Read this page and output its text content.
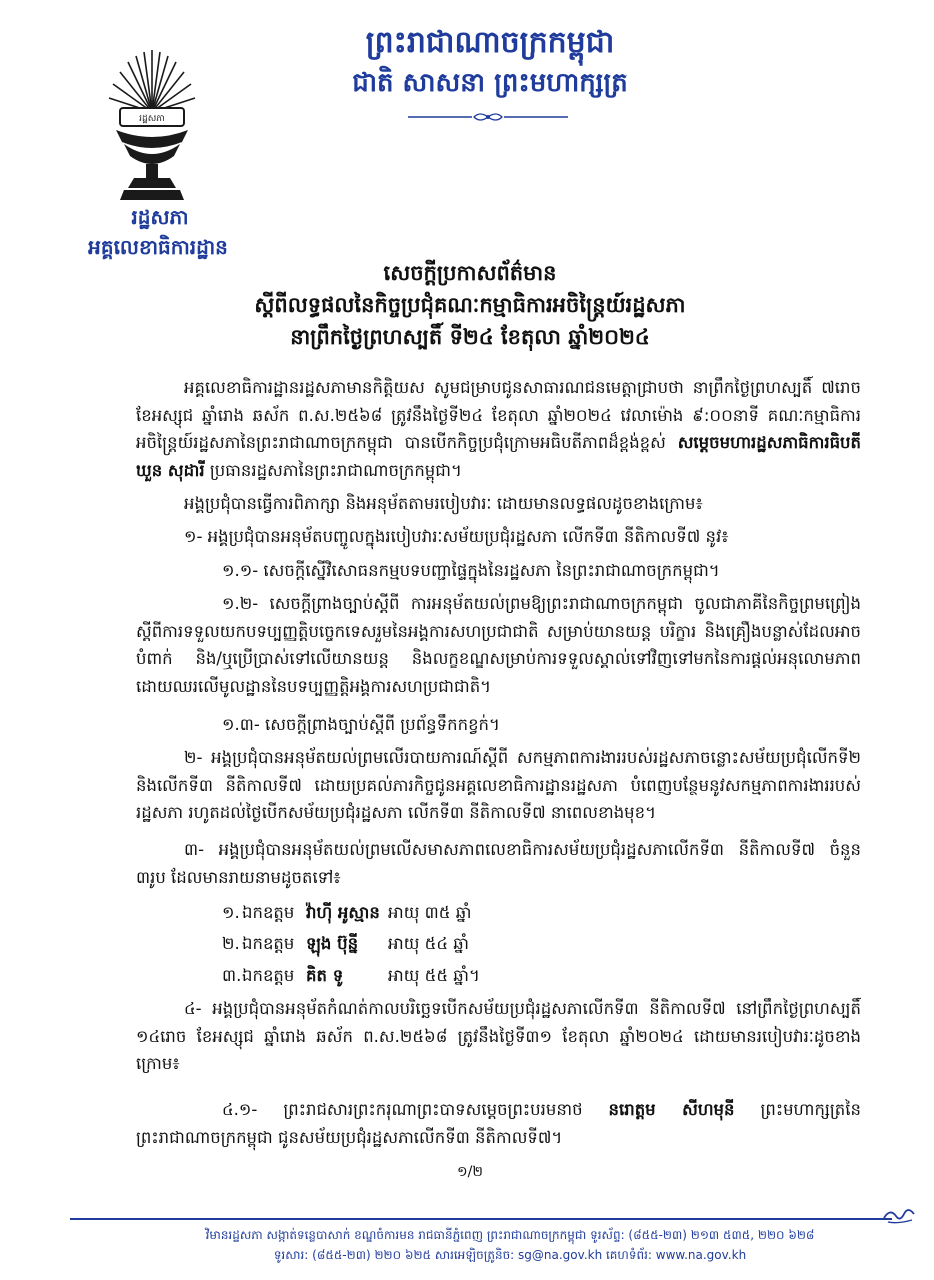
ព្រះរាជាណាចក្រកម្ពុជា
ជាតិ សាសនា ព្រះមហាក្សត្រ
រដ្ឋសភា
រដ្ឋសភា
អគ្គលេខាធិការដ្ឋាន
សេចក្តីប្រកាសព័ត៌មាន
ស្តីពីលទ្ធផលនៃកិច្ចប្រជុំគណៈកម្មាធិការអចិន្ត្រៃយ៍រដ្ឋសភា
នាព្រឹកថ្ងៃព្រហស្បតិ៍ ទី២៤ ខែតុលា ឆ្នាំ២០២៤
អគ្គលេខាធិការដ្ឋានរដ្ឋសភាមានកិត្តិយស សូមជម្រាបជូនសាធារណជនមេត្តាជ្រាបថា នាព្រឹកថ្ងៃព្រហស្បតិ៍ ៧រោច ខែអស្សុជ ឆ្នាំរោង ឆស័ក ព.ស.២៥៦៨ ត្រូវនឹងថ្ងៃទី២៤ ខែតុលា ឆ្នាំ២០២៤ វេលាម៉ោង ៩:០០នាទី គណៈកម្មាធិការអចិន្ត្រៃយ៍រដ្ឋសភានៃព្រះរាជាណាចក្រកម្ពុជា បានបើកកិច្ចប្រជុំក្រោមអធិបតីភាពដ៏ខ្ពង់ខ្ពស់ សម្តេចមហារដ្ឋសភាធិការធិបតី ឃួន សុដារី ប្រធានរដ្ឋសភានៃព្រះរាជាណាចក្រកម្ពុជា។
អង្គប្រជុំបានធ្វើការពិភាក្សា និងអនុម័តតាមរបៀបវារៈ ដោយមានលទ្ធផលដូចខាងក្រោម៖
១- អង្គប្រជុំបានអនុម័តបញ្ចូលក្នុងរបៀបវារៈសម័យប្រជុំរដ្ឋសភា លើកទី៣ នីតិកាលទី៧ នូវ៖
១.១- សេចក្តីស្នើវិសោធនកម្មបទបញ្ជាផ្ទៃក្នុងនៃរដ្ឋសភា នៃព្រះរាជាណាចក្រកម្ពុជា។
១.២- សេចក្តីព្រាងច្បាប់ស្តីពី ការអនុម័តយល់ព្រមឱ្យព្រះរាជាណាចក្រកម្ពុជា ចូលជាភាគីនៃកិច្ចព្រមព្រៀងស្តីពីការទទួលយកបទប្បញ្ញត្តិបច្ចេកទេសរួមនៃអង្គការសហប្រជាជាតិ សម្រាប់យានយន្ត បរិក្ខារ និងគ្រឿងបន្លាស់ដែលអាចបំពាក់ និង/ឬប្រើប្រាស់ទៅលើយានយន្ត និងលក្ខខណ្ឌសម្រាប់ការទទួលស្គាល់ទៅវិញទៅមកនៃការផ្តល់អនុលោមភាពដោយឈរលើមូលដ្ឋាននៃបទប្បញ្ញត្តិអង្គការសហប្រជាជាតិ។
១.៣- សេចក្តីព្រាងច្បាប់ស្តីពី ប្រព័ន្ធទឹកកខ្វក់។
២- អង្គប្រជុំបានអនុម័តយល់ព្រមលើរបាយការណ៍ស្តីពី សកម្មភាពការងាររបស់រដ្ឋសភាចន្លោះសម័យប្រជុំលើកទី២ និងលើកទី៣ នីតិកាលទី៧ ដោយប្រគល់ភារកិច្ចជូនអគ្គលេខាធិការដ្ឋានរដ្ឋសភា បំពេញបន្ថែមនូវសកម្មភាពការងាររបស់រដ្ឋសភា រហូតដល់ថ្ងៃបើកសម័យប្រជុំរដ្ឋសភា លើកទី៣ នីតិកាលទី៧ នាពេលខាងមុខ។
៣- អង្គប្រជុំបានអនុម័តយល់ព្រមលើសមាសភាពលេខាធិការសម័យប្រជុំរដ្ឋសភាលើកទី៣ នីតិកាលទី៧ ចំនួន ៣រូប ដែលមានរាយនាមដូចតទៅ៖
១. ឯកឧត្តម វ៉ាហ៊ី អូស្មាន អាយុ ៣៥ ឆ្នាំ
២. ឯកឧត្តម ឡុង ប៊ុន្នី	អាយុ ៥៤ ឆ្នាំ
៣. ឯកឧត្តម គិត ទូ	អាយុ ៥៥ ឆ្នាំ។
៤- អង្គប្រជុំបានអនុម័តកំណត់កាលបរិច្ឆេទបើកសម័យប្រជុំរដ្ឋសភាលើកទី៣ នីតិកាលទី៧ នៅព្រឹកថ្ងៃព្រហស្បតិ៍ ១៤រោច ខែអស្សុជ ឆ្នាំរោង ឆស័ក ព.ស.២៥៦៨ ត្រូវនឹងថ្ងៃទី៣១ ខែតុលា ឆ្នាំ២០២៤ ដោយមានរបៀបវារៈដូចខាងក្រោម៖
៤.១- ព្រះរាជសារព្រះករុណាព្រះបាទសម្តេចព្រះបរមនាថ នរោត្តម សីហមុនី ព្រះមហាក្សត្រនៃព្រះរាជាណាចក្រកម្ពុជា ជូនសម័យប្រជុំរដ្ឋសភាលើកទី៣ នីតិកាលទី៧។
១/២
វិមានរដ្ឋសភា សង្កាត់ទន្លេបាសាក់ ខណ្ឌចំការមន រាជធានីភ្នំពេញ ព្រះរាជាណាចក្រកម្ពុជា ទូរស័ព្ទ: (៨៥៥-២៣) ២១៣ ៥៣៥, ២២០ ៦២៨
ទូរសារ: (៨៥៥-២៣) ២២០ ៦២៥ សារអេឡិចត្រូនិច: sg@na.gov.kh គេហទំព័រ: www.na.gov.kh
